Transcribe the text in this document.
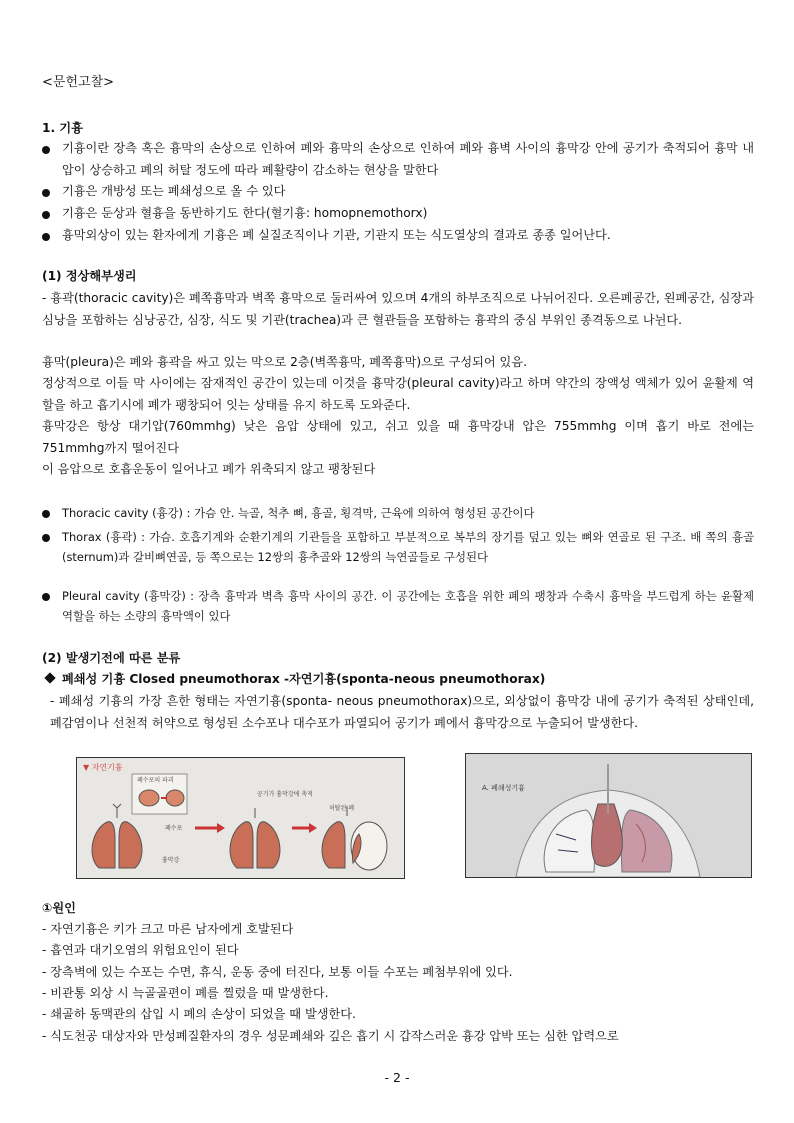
<문헌고찰>

1. 기흉

기흉이란 장측 혹은 흉막의 손상으로 인하여 폐와 흉막의 손상으로 인하여 폐와 흉벽 사이의 흉막강 안에 공기가 축적되어 흉막 내압이 상승하고 폐의 허탈 정도에 따라 폐활량이 감소하는 현상을 말한다
기흉은 개방성 또는 폐쇄성으로 올 수 있다
기흉은 둔상과 혈흉을 동반하기도 한다(혈기흉: homopnemothorx)
흉막외상이 있는 환자에게 기흉은 폐 실질조직이나 기관, 기관지 또는 식도열상의 결과로 종종 일어난다.

(1) 정상해부생리

- 흉곽(thoracic cavity)은 폐쪽흉막과 벽쪽 흉막으로 둘러싸여 있으며 4개의 하부조직으로 나뉘어진다. 오른폐공간, 왼폐공간, 심장과 심낭을 포함하는 심낭공간, 심장, 식도 및 기관(trachea)과 큰 혈관들을 포함하는 흉곽의 중심 부위인 종격동으로 나뉜다.

흉막(pleura)은 폐와 흉곽을 싸고 있는 막으로 2층(벽쪽흉막, 폐쪽흉막)으로 구성되어 있음.

정상적으로 이들 막 사이에는 잠재적인 공간이 있는데 이것을 흉막강(pleural cavity)라고 하며 약간의 장액성 액체가 있어 윤활제 역할을 하고 흡기시에 폐가 팽창되어 잇는 상태를 유지 하도록 도와준다.

흉막강은 항상 대기압(760mmhg) 낮은 음압 상태에 있고, 쉬고 있을 때 흉막강내 압은 755mmhg 이며 흡기 바로 전에는 751mmhg까지 떨어진다

이 음압으로 호흡운동이 일어나고 폐가 위축되지 않고 팽창된다

Thoracic cavity (흉강) : 가슴 안. 늑골, 척추 뼈, 흉골, 횡격막, 근육에 의하여 형성된 공간이다
Thorax (흉곽) : 가슴. 호흡기계와 순환기계의 기관들을 포함하고 부분적으로 복부의 장기를 덮고 있는 뼈와 연골로 된 구조. 배 쪽의 흉골(sternum)과 갈비뼈연골, 등 쪽으로는 12쌍의 흉추골와 12쌍의 늑연골들로 구성된다
Pleural cavity (흉막강) : 장측 흉막과 벽측 흉막 사이의 공간. 이 공간에는 호흡을 위한 폐의 팽창과 수축시 흉막을 부드럽게 하는 윤활제 역할을 하는 소량의 흉막액이 있다

(2) 발생기전에 따른 분류

폐쇄성 기흉 Closed pneumothorax -자연기흉(sponta-neous pneumothorax)

- 폐쇄성 기흉의 가장 흔한 형태는 자연기흉(sponta- neous pneumothorax)으로, 외상없이 흉막강 내에 공기가 축적된 상태인데, 폐감염이나 선천적 허약으로 형성된 소수포나 대수포가 파열되어 공기가 폐에서 흉막강으로 누출되어 발생한다.

▼ 자연기흉
폐수포의 파괴
공기가 흉막강에 축적
폐수포
허탈된 폐
흉막강
A. 폐쇄성기흉

①원인

- 자연기흉은 키가 크고 마른 남자에게 호발된다

- 흡연과 대기오염의 위험요인이 된다

- 장측벽에 있는 수포는 수면, 휴식, 운동 중에 터진다, 보통 이들 수포는 폐첨부위에 있다.

- 비관통 외상 시 늑골골편이 폐를 찔렀을 때 발생한다.

- 쇄골하 동맥관의 삽입 시 폐의 손상이 되었을 때 발생한다.

- 식도천공 대상자와 만성폐질환자의 경우 성문폐쇄와 깊은 흡기 시 갑작스러운 흉강 압박 또는 심한 압력으로

- 2 -
